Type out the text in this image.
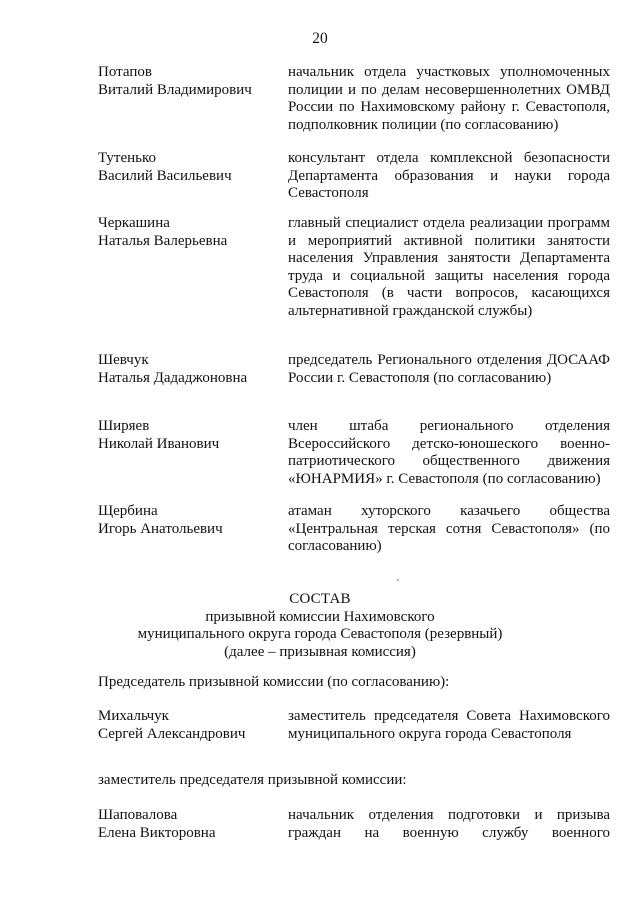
20
Потапов
Виталий Владимирович
начальник отдела участковых уполномоченных полиции и по делам несовершеннолетних ОМВД России по Нахимовскому району г. Севастополя, подполковник полиции (по согласованию)
Тутенько
Василий Васильевич
консультант отдела комплексной безопасности Департамента образования и науки города Севастополя
Черкашина
Наталья Валерьевна
главный специалист отдела реализации программ и мероприятий активной политики занятости населения Управления занятости Департамента труда и социальной защиты населения города Севастополя (в части вопросов, касающихся альтернативной гражданской службы)
Шевчук
Наталья Дададжоновна
председатель Регионального отделения ДОСААФ России г. Севастополя (по согласованию)
Ширяев
Николай Иванович
член штаба регионального отделения Всероссийского детско-юношеского военно-патриотического общественного движения «ЮНАРМИЯ» г. Севастополя (по согласованию)
Щербина
Игорь Анатольевич
атаман хуторского казачьего общества «Центральная терская сотня Севастополя» (по согласованию)
СОСТАВ
призывной комиссии Нахимовского
муниципального округа города Севастополя (резервный)
(далее – призывная комиссия)
Председатель призывной комиссии (по согласованию):
Михальчук
Сергей Александрович
заместитель председателя Совета Нахимовского муниципального округа города Севастополя
заместитель председателя призывной комиссии:
Шаповалова
Елена Викторовна
начальник отделения подготовки и призыва граждан на военную службу военного
